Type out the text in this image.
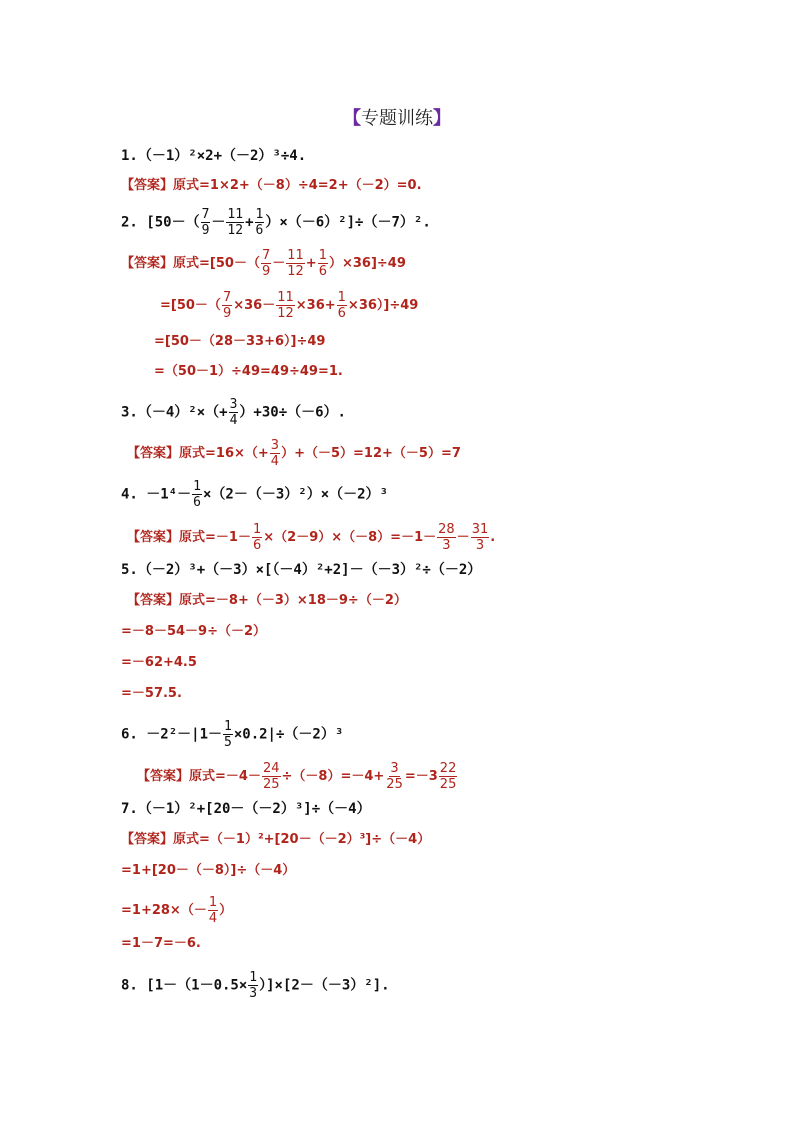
【专题训练】
1.（－1）²×2+（－2）³÷4.
【答案】原式=1×2+（－8）÷4=2+（－2）=0.
2. $[50-( \frac{7}{9} - \frac{11}{12} + \frac{1}{6} )\times(-6)^2]\div(-7)^2$.
【答案】原式$=[50-( \frac{7}{9} - \frac{11}{12} + \frac{1}{6} )\times 36]\div 49$
$=[50-( \frac{7}{9} \times 36- \frac{11}{12} \times 36+ \frac{1}{6} \times 36)]\div 49$
=[50－（28－33+6）]÷49
=（50－1）÷49=49÷49=1.
$3.(-4)^2\times(+ \frac{3}{4} )+30\div(-6)$.
【答案】原式$=16\times(+ \frac{3}{4} )+(-5)=12+(-5)=7$
4. $-1^4- \frac{1}{6} \times(2-(-3)^2)\times(-2)^3$
【答案】原式$=-1- \frac{1}{6} \times(2-9)\times(-8)=-1- \frac{28}{3} - \frac{31}{3}$ .
5.（－2）³+（－3）×[（－4）²+2]－（－3）²÷（－2）
【答案】原式=－8+（－3）×18－9÷（－2）
=－8－54－9÷（－2）
=－62+4.5
=－57.5.
6. $-2^2-|1- \frac{1}{5} \times 0.2|\div(-2)^3$
【答案】原式$=-4- \frac{24}{25} \div(-8)=-4+ \frac{3}{25} =-3 \frac{22}{25}$
7.（－1）²+[20－（－2）³]÷（－4）
【答案】原式=（－1）²+[20－（－2）³]÷（－4）
=1+[20－（－8）]÷（－4）
$=1+28\times(- \frac{1}{4}$ ）
=1－7=－6.
8. $[1-(1-0.5\times \frac{1}{3} )]\times[2-(-3)^2]$.
